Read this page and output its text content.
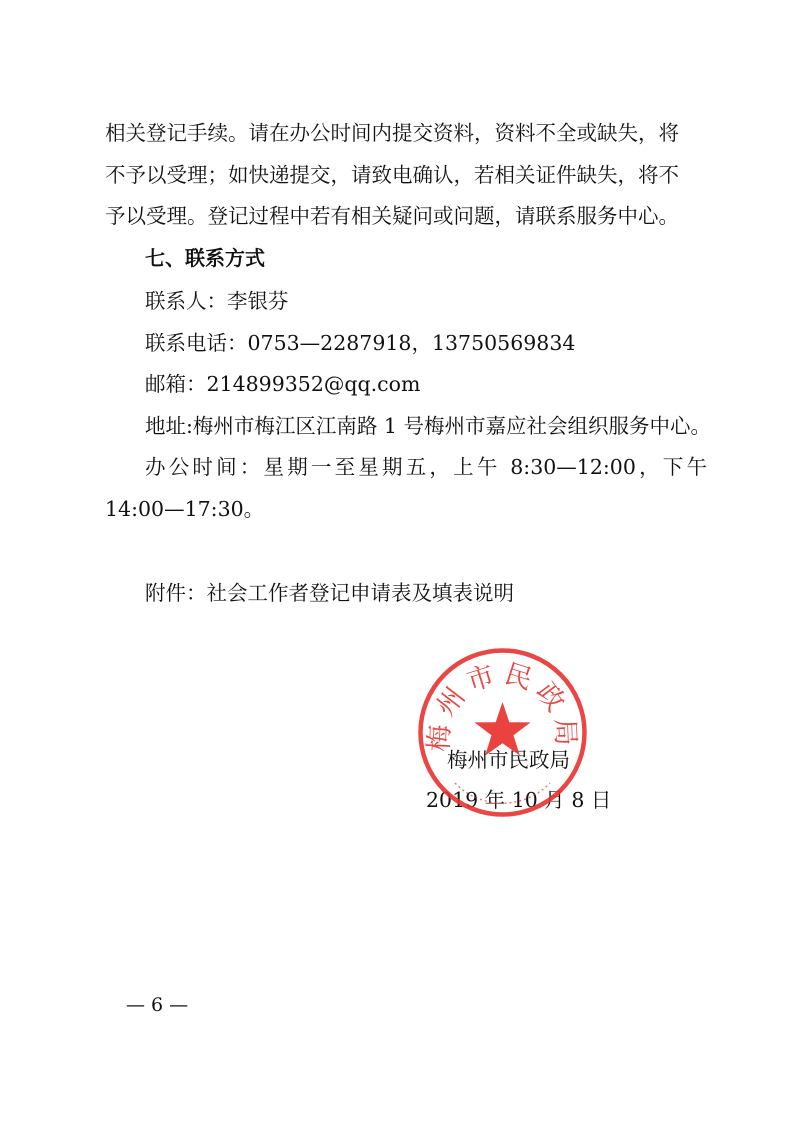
相关登记手续。请在办公时间内提交资料，资料不全或缺失，将
不予以受理；如快递提交，请致电确认，若相关证件缺失，将不
予以受理。登记过程中若有相关疑问或问题，请联系服务中心。
七、联系方式
联系人：李银芬
联系电话：0753—2287918，13750569834
邮箱：214899352@qq.com
地址:梅州市梅江区江南路 1 号梅州市嘉应社会组织服务中心。
办公时间：星期一至星期五，上午 8:30—12:00，下午
14:00—17:30。
附件：社会工作者登记申请表及填表说明
梅州市民政局
2019 年 10 月 8 日
梅州市民政局
— 6 —
